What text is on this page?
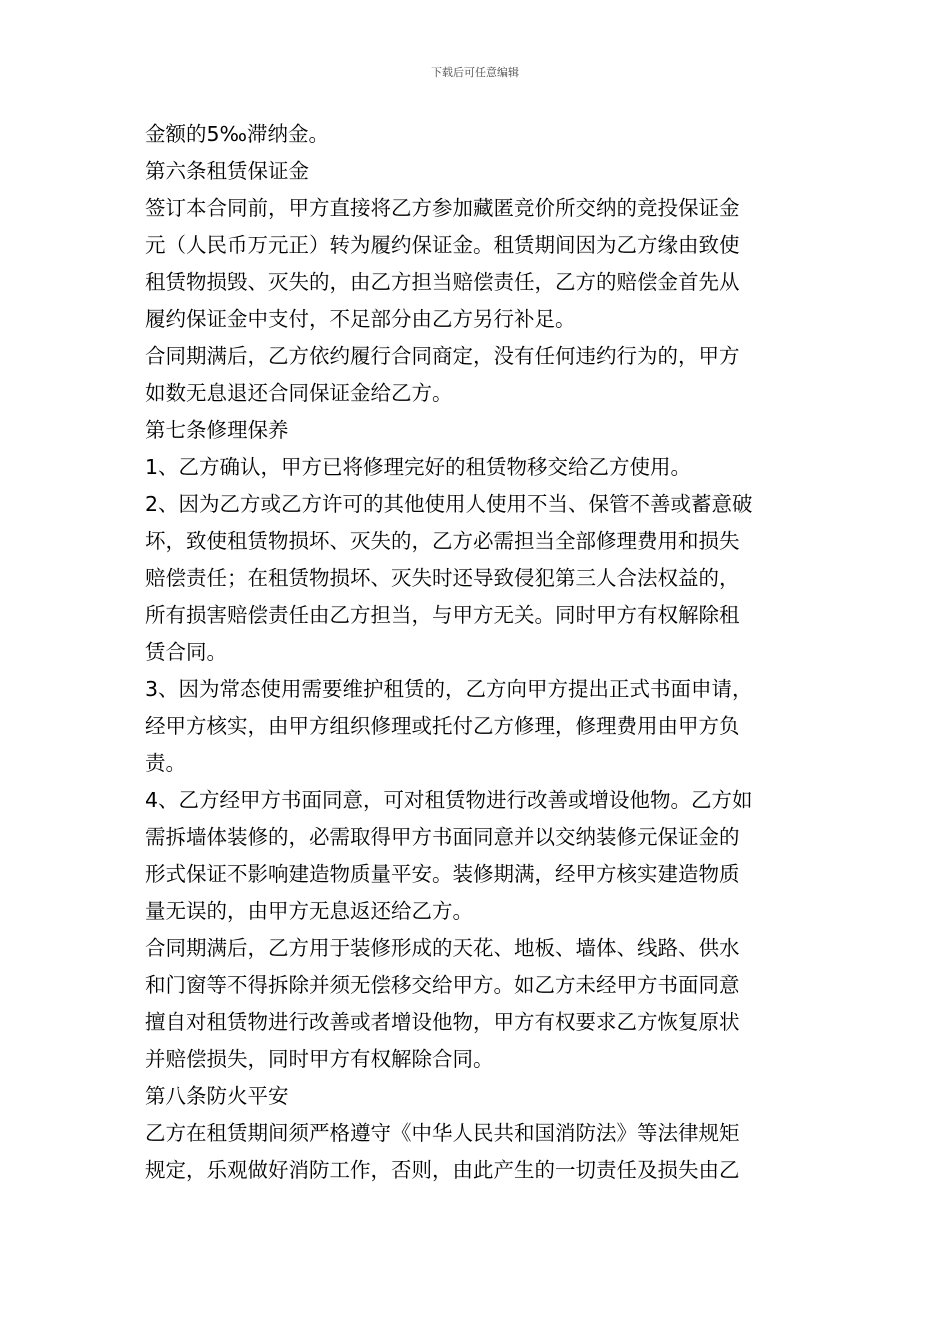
下载后可任意编辑
金额的5‰滞纳金。
第六条租赁保证金
签订本合同前，甲方直接将乙方参加藏匿竞价所交纳的竞投保证金
元（人民币万元正）转为履约保证金。租赁期间因为乙方缘由致使
租赁物损毁、灭失的，由乙方担当赔偿责任，乙方的赔偿金首先从
履约保证金中支付，不足部分由乙方另行补足。
合同期满后，乙方依约履行合同商定，没有任何违约行为的，甲方
如数无息退还合同保证金给乙方。
第七条修理保养
1、乙方确认，甲方已将修理完好的租赁物移交给乙方使用。
2、因为乙方或乙方许可的其他使用人使用不当、保管不善或蓄意破
坏，致使租赁物损坏、灭失的，乙方必需担当全部修理费用和损失
赔偿责任；在租赁物损坏、灭失时还导致侵犯第三人合法权益的，
所有损害赔偿责任由乙方担当，与甲方无关。同时甲方有权解除租
赁合同。
3、因为常态使用需要维护租赁的，乙方向甲方提出正式书面申请，
经甲方核实，由甲方组织修理或托付乙方修理，修理费用由甲方负
责。
4、乙方经甲方书面同意，可对租赁物进行改善或增设他物。乙方如
需拆墙体装修的，必需取得甲方书面同意并以交纳装修元保证金的
形式保证不影响建造物质量平安。装修期满，经甲方核实建造物质
量无误的，由甲方无息返还给乙方。
合同期满后，乙方用于装修形成的天花、地板、墙体、线路、供水
和门窗等不得拆除并须无偿移交给甲方。如乙方未经甲方书面同意
擅自对租赁物进行改善或者增设他物，甲方有权要求乙方恢复原状
并赔偿损失，同时甲方有权解除合同。
第八条防火平安
乙方在租赁期间须严格遵守《中华人民共和国消防法》等法律规矩
规定，乐观做好消防工作，否则，由此产生的一切责任及损失由乙
